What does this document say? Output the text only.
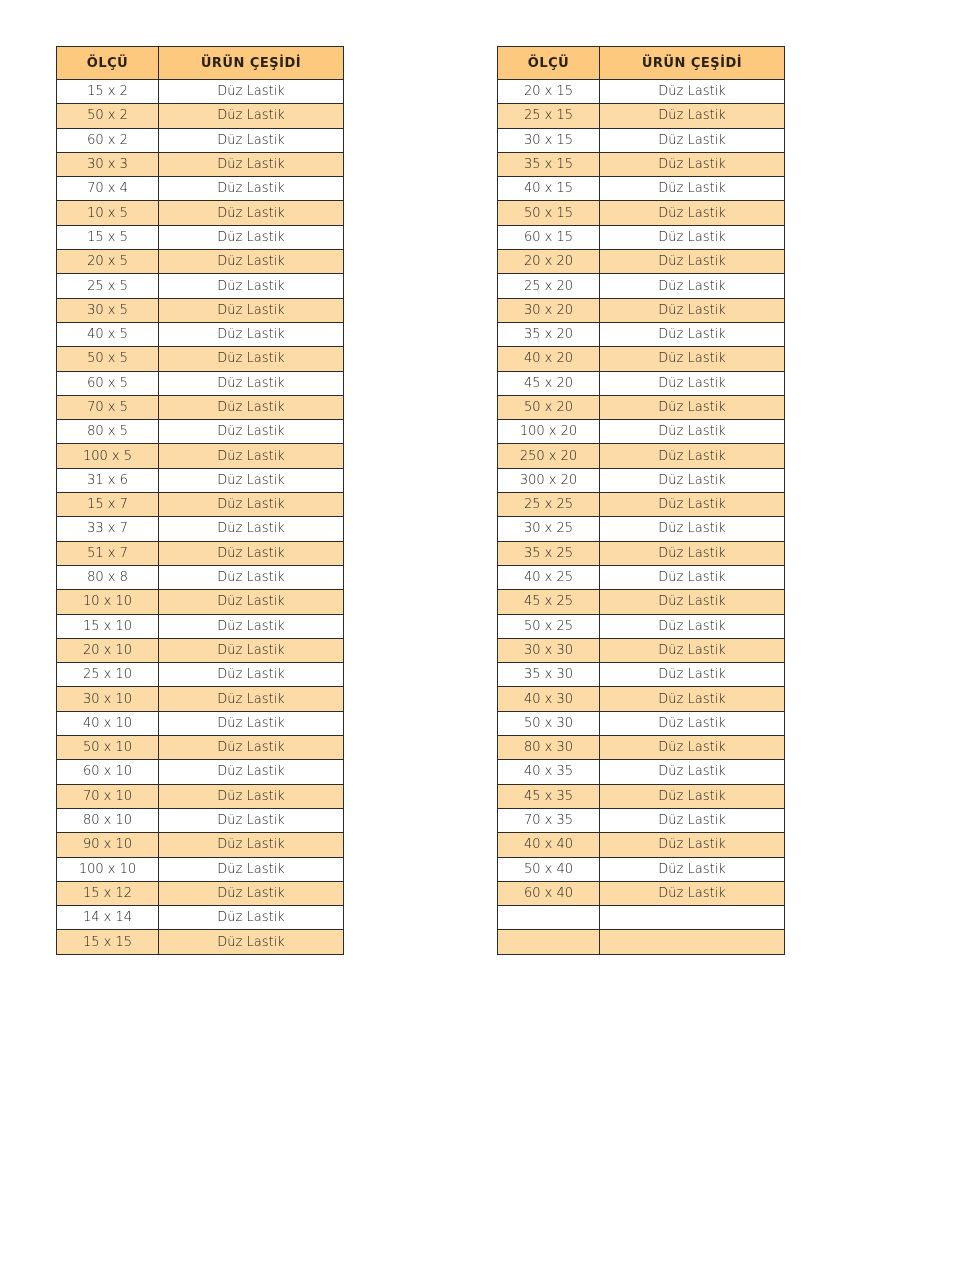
ÖLÇÜ	ÜRÜN ÇEŞİDİ
15 x 2	Düz Lastik
50 x 2	Düz Lastik
60 x 2	Düz Lastik
30 x 3	Düz Lastik
70 x 4	Düz Lastik
10 x 5	Düz Lastik
15 x 5	Düz Lastik
20 x 5	Düz Lastik
25 x 5	Düz Lastik
30 x 5	Düz Lastik
40 x 5	Düz Lastik
50 x 5	Düz Lastik
60 x 5	Düz Lastik
70 x 5	Düz Lastik
80 x 5	Düz Lastik
100 x 5	Düz Lastik
31 x 6	Düz Lastik
15 x 7	Düz Lastik
33 x 7	Düz Lastik
51 x 7	Düz Lastik
80 x 8	Düz Lastik
10 x 10	Düz Lastik
15 x 10	Düz Lastik
20 x 10	Düz Lastik
25 x 10	Düz Lastik
30 x 10	Düz Lastik
40 x 10	Düz Lastik
50 x 10	Düz Lastik
60 x 10	Düz Lastik
70 x 10	Düz Lastik
80 x 10	Düz Lastik
90 x 10	Düz Lastik
100 x 10	Düz Lastik
15 x 12	Düz Lastik
14 x 14	Düz Lastik
15 x 15	Düz Lastik
ÖLÇÜ	ÜRÜN ÇEŞİDİ
20 x 15	Düz Lastik
25 x 15	Düz Lastik
30 x 15	Düz Lastik
35 x 15	Düz Lastik
40 x 15	Düz Lastik
50 x 15	Düz Lastik
60 x 15	Düz Lastik
20 x 20	Düz Lastik
25 x 20	Düz Lastik
30 x 20	Düz Lastik
35 x 20	Düz Lastik
40 x 20	Düz Lastik
45 x 20	Düz Lastik
50 x 20	Düz Lastik
100 x 20	Düz Lastik
250 x 20	Düz Lastik
300 x 20	Düz Lastik
25 x 25	Düz Lastik
30 x 25	Düz Lastik
35 x 25	Düz Lastik
40 x 25	Düz Lastik
45 x 25	Düz Lastik
50 x 25	Düz Lastik
30 x 30	Düz Lastik
35 x 30	Düz Lastik
40 x 30	Düz Lastik
50 x 30	Düz Lastik
80 x 30	Düz Lastik
40 x 35	Düz Lastik
45 x 35	Düz Lastik
70 x 35	Düz Lastik
40 x 40	Düz Lastik
50 x 40	Düz Lastik
60 x 40	Düz Lastik
